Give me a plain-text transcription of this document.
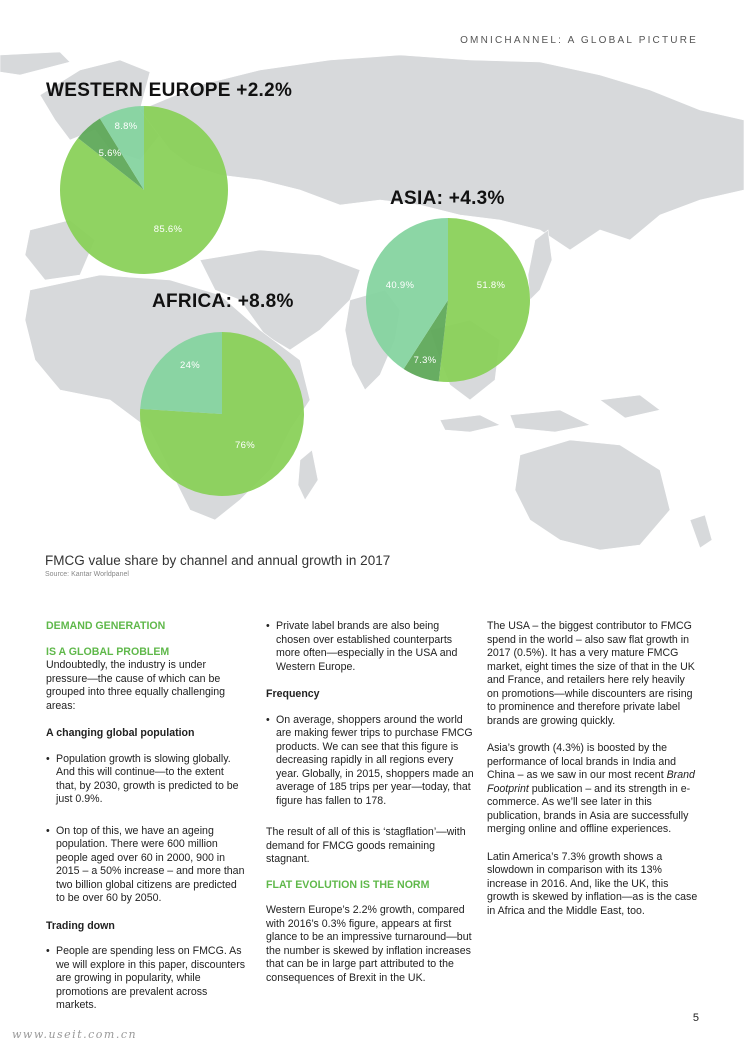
OMNICHANNEL: A GLOBAL PICTURE
WESTERN EUROPE +2.2%
ASIA: +4.3%
AFRICA: +8.8%
85.6%
5.6%
8.8%
51.8%
7.3%
40.9%
76%
24%
FMCG value share by channel and annual growth in 2017
Source: Kantar Worldpanel

DEMAND GENERATION

IS A GLOBAL PROBLEM

Undoubtedly, the industry is under pressure—the cause of which can be grouped into three equally challenging areas:

A changing global population

• Population growth is slowing globally. And this will continue—to the extent that, by 2030, growth is predicted to be just 0.9%.

• On top of this, we have an ageing population. There were 600 million people aged over 60 in 2000, 900 in 2015 – a 50% increase – and more than two billion global citizens are predicted to be over 60 by 2050.

Trading down

• People are spending less on FMCG. As we will explore in this paper, discounters are growing in popularity, while promotions are prevalent across markets.

• Private label brands are also being chosen over established counterparts more often—especially in the USA and Western Europe.

Frequency

• On average, shoppers around the world are making fewer trips to purchase FMCG products. We can see that this figure is decreasing rapidly in all regions every year. Globally, in 2015, shoppers made an average of 185 trips per year—today, that figure has fallen to 178.

The result of all of this is ‘stagflation’—with demand for FMCG goods remaining stagnant.

FLAT EVOLUTION IS THE NORM

Western Europe’s 2.2% growth, compared with 2016’s 0.3% figure, appears at first glance to be an impressive turnaround—but the number is skewed by inflation increases that can be in large part attributed to the consequences of Brexit in the UK.

The USA – the biggest contributor to FMCG spend in the world – also saw flat growth in 2017 (0.5%). It has a very mature FMCG market, eight times the size of that in the UK and France, and retailers here rely heavily on promotions—while discounters are rising to prominence and therefore private label brands are growing quickly.

Asia’s growth (4.3%) is boosted by the performance of local brands in India and China – as we saw in our most recent Brand Footprint publication – and its strength in e-commerce. As we’ll see later in this publication, brands in Asia are successfully merging online and offline experiences.

Latin America’s 7.3% growth shows a slowdown in comparison with its 13% increase in 2016. And, like the UK, this growth is skewed by inflation—as is the case in Africa and the Middle East, too.

5
www.useit.com.cn
